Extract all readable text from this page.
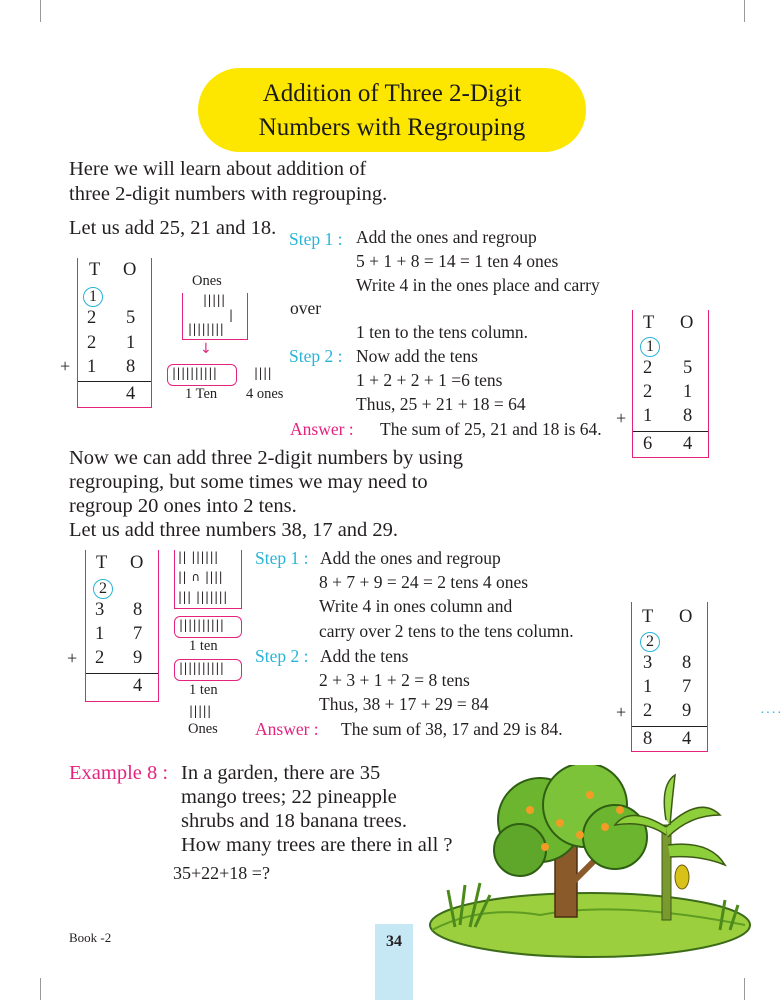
····
Addition of Three 2-Digit
Numbers with Regrouping
Here we will learn about addition of
three 2-digit numbers with regrouping.
Let us add 25, 21 and 18.
T O
1
2 5
2 1
1 8
4
+
Ones
|||||
|
||||||||
↓
||||||||||	||||
1 Ten 4 ones
Step 1 : Add the ones and regroup
5 + 1 + 8 = 14 = 1 ten 4 ones
Write 4 in the ones place and carry
over
1 ten to the tens column.
Step 2 : Now add the tens
1 + 2 + 2 + 1 =6 tens
Thus, 25 + 21 + 18 = 64
Answer : The sum of 25, 21 and 18 is 64.
T O
1
2 5
2 1
1 8
6 4
+
Now we can add three 2-digit numbers by using
regrouping, but some times we may need to
regroup 20 ones into 2 tens.
Let us add three numbers 38, 17 and 29.
T O
2
3 8
1 7
2 9
4
+
|| ||||||
|| ∩ ||||
||| |||||||
||||||||||
1 ten
||||||||||
1 ten
|||||
Ones
Step 1 : Add the ones and regroup
8 + 7 + 9 = 24 = 2 tens 4 ones
Write 4 in ones column and
carry over 2 tens to the tens column.
Step 2 : Add the tens
2 + 3 + 1 + 2 = 8 tens
Thus, 38 + 17 + 29 = 84
Answer : The sum of 38, 17 and 29 is 84.
T O
2
3 8
1 7
2 9
8 4
+
Example 8 : In a garden, there are 35
mango trees; 22 pineapple
shrubs and 18 banana trees.
How many trees are there in all ?
35+22+18 =?
Book -2	34
